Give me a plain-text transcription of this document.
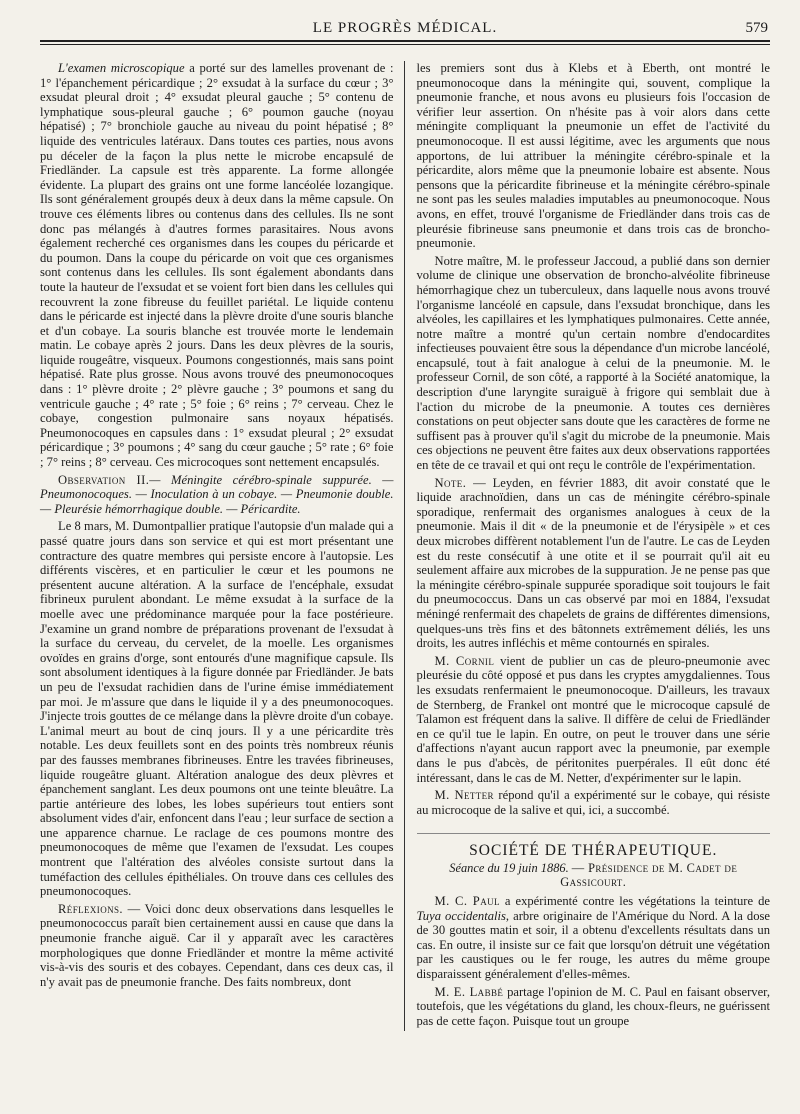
LE PROGRÈS MÉDICAL.	579

L'examen microscopique a porté sur des lamelles provenant de : 1° l'épanchement péricardique ; 2° exsudat à la surface du cœur ; 3° exsudat pleural droit ; 4° exsudat pleural gauche ; 5° contenu de lymphatique sous-pleural gauche ; 6° poumon gauche (noyau hépatisé) ; 7° bronchiole gauche au niveau du point hépatisé ; 8° liquide des ventricules latéraux. Dans toutes ces parties, nous avons pu déceler de la façon la plus nette le microbe encapsulé de Friedländer. La capsule est très apparente. La forme allongée évidente. La plupart des grains ont une forme lancéolée lozangique. Ils sont généralement groupés deux à deux dans la même capsule. On trouve ces éléments libres ou contenus dans des cellules. Ils ne sont donc pas mélangés à d'autres formes parasitaires. Nous avons également recherché ces organismes dans les coupes du péricarde et du poumon. Dans la coupe du péricarde on voit que ces organismes sont contenus dans les cellules. Ils sont également abondants dans toute la hauteur de l'exsudat et se voient fort bien dans les cellules qui recouvrent la zone fibreuse du feuillet pariétal. Le liquide contenu dans le péricarde est injecté dans la plèvre droite d'une souris blanche et d'un cobaye. La souris blanche est trouvée morte le lendemain matin. Le cobaye après 2 jours. Dans les deux plèvres de la souris, liquide rougeâtre, visqueux. Poumons congestionnés, mais sans point hépatisé. Rate plus grosse. Nous avons trouvé des pneumonocoques dans : 1° plèvre droite ; 2° plèvre gauche ; 3° poumons et sang du ventricule gauche ; 4° rate ; 5° foie ; 6° reins ; 7° cerveau. Chez le cobaye, congestion pulmonaire sans noyaux hépatisés. Pneumonocoques en capsules dans : 1° exsudat pleural ; 2° exsudat péricardique ; 3° poumons ; 4° sang du cœur gauche ; 5° rate ; 6° foie ; 7° reins ; 8° cerveau. Ces microcoques sont nettement encapsulés.

Observation II.— Méningite cérébro-spinale suppurée. — Pneumonocoques. — Inoculation à un cobaye. — Pneumonie double. — Pleurésie hémorrhagique double. — Péricardite.

Le 8 mars, M. Dumontpallier pratique l'autopsie d'un malade qui a passé quatre jours dans son service et qui est mort présentant une contracture des quatre membres qui persiste encore à l'autopsie. Les différents viscères, et en particulier le cœur et les poumons ne présentent aucune altération. A la surface de l'encéphale, exsudat fibrineux purulent abondant. Le même exsudat à la surface de la moelle avec une prédominance marquée pour la face postérieure. J'examine un grand nombre de préparations provenant de l'exsudat à la surface du cerveau, du cervelet, de la moelle. Les organismes ovoïdes en grains d'orge, sont entourés d'une magnifique capsule. Ils sont absolument identiques à la figure donnée par Friedländer. Je bats un peu de l'exsudat rachidien dans de l'urine émise immédiatement par moi. Je m'assure que dans le liquide il y a des pneumonocoques. J'injecte trois gouttes de ce mélange dans la plèvre droite d'un cobaye. L'animal meurt au bout de cinq jours. Il y a une péricardite très notable. Les deux feuillets sont en des points très nombreux réunis par des fausses membranes fibrineuses. Entre les travées fibrineuses, liquide rougeâtre gluant. Altération analogue des deux plèvres et épanchement sanglant. Les deux poumons ont une teinte bleuâtre. La partie antérieure des lobes, les lobes supérieurs tout entiers sont absolument vides d'air, enfoncent dans l'eau ; leur surface de section a une apparence charnue. Le raclage de ces poumons montre des pneumonocoques de même que l'examen de l'exsudat. Les coupes montrent que l'altération des alvéoles consiste surtout dans la tuméfaction des cellules épithéliales. On trouve dans ces cellules des pneumonocoques.

Réflexions. — Voici donc deux observations dans lesquelles le pneumonococcus paraît bien certainement aussi en cause que dans la pneumonie franche aiguë. Car il y apparaît avec les caractères morphologiques que donne Friedländer et montre la même activité vis-à-vis des souris et des cobayes. Cependant, dans ces deux cas, il n'y avait pas de pneumonie franche. Des faits nombreux, dont

les premiers sont dus à Klebs et à Eberth, ont montré le pneumonocoque dans la méningite qui, souvent, complique la pneumonie franche, et nous avons eu plusieurs fois l'occasion de vérifier leur assertion. On n'hésite pas à voir alors dans cette méningite compliquant la pneumonie un effet de l'activité du pneumonocoque. Il est aussi légitime, avec les arguments que nous apportons, de lui attribuer la méningite cérébro-spinale et la péricardite, alors même que la pneumonie lobaire est absente. Nous pensons que la péricardite fibrineuse et la méningite cérébro-spinale ne sont pas les seules maladies imputables au pneumonocoque. Nous avons, en effet, trouvé l'organisme de Friedländer dans trois cas de pleurésie fibrineuse sans pneumonie et dans trois cas de broncho-pneumonie.

Notre maître, M. le professeur Jaccoud, a publié dans son dernier volume de clinique une observation de broncho-alvéolite fibrineuse hémorrhagique chez un tuberculeux, dans laquelle nous avons trouvé l'organisme lancéolé en capsule, dans l'exsudat bronchique, dans les alvéoles, les capillaires et les lymphatiques pulmonaires. Cette année, notre maître a montré qu'un certain nombre d'endocardites infectieuses pouvaient être sous la dépendance d'un microbe lancéolé, encapsulé, tout à fait analogue à celui de la pneumonie. M. le professeur Cornil, de son côté, a rapporté à la Société anatomique, la description d'une laryngite suraiguë à frigore qui semblait due à l'action du microbe de la pneumonie. A toutes ces dernières constations on peut objecter sans doute que les caractères de forme ne suffisent pas à prouver qu'il s'agit du microbe de la pneumonie. Mais ces objections ne peuvent être faites aux deux observations rapportées en tête de ce travail et qui ont reçu le contrôle de l'expérimentation.

Note. — Leyden, en février 1883, dit avoir constaté que le liquide arachnoïdien, dans un cas de méningite cérébro-spinale sporadique, renfermait des organismes analogues à ceux de la pneumonie. Mais il dit « de la pneumonie et de l'érysipèle » et ces deux microbes diffèrent notablement l'un de l'autre. Le cas de Leyden est du reste consécutif à une otite et il se pourrait qu'il ait eu seulement affaire aux microbes de la suppuration. Je ne pense pas que la méningite cérébro-spinale suppurée sporadique soit toujours le fait du pneumococcus. Dans un cas observé par moi en 1884, l'exsudat méningé renfermait des chapelets de grains de différentes dimensions, quelques-uns très fins et des bâtonnets extrêmement déliés, les uns droits, les autres infléchis et même contournés en spirales.

M. Cornil vient de publier un cas de pleuro-pneumonie avec pleurésie du côté opposé et pus dans les cryptes amygdaliennes. Tous les exsudats renfermaient le pneumonocoque. D'ailleurs, les travaux de Sternberg, de Frankel ont montré que le microcoque capsulé de Talamon est fréquent dans la salive. Il diffère de celui de Friedländer en ce qu'il tue le lapin. En outre, on peut le trouver dans une série d'affections n'ayant aucun rapport avec la pneumonie, par exemple dans le pus d'abcès, de péritonites puerpérales. Il eût donc été intéressant, dans le cas de M. Netter, d'expérimenter sur le lapin.

M. Netter répond qu'il a expérimenté sur le cobaye, qui résiste au microcoque de la salive et qui, ici, a succombé.

SOCIÉTÉ DE THÉRAPEUTIQUE.
Séance du 19 juin 1886. — Présidence de M. Cadet de Gassicourt.

M. C. Paul a expérimenté contre les végétations la teinture de Tuya occidentalis, arbre originaire de l'Amérique du Nord. A la dose de 30 gouttes matin et soir, il a obtenu d'excellents résultats dans un cas. En outre, il insiste sur ce fait que lorsqu'on détruit une végétation par les caustiques ou le fer rouge, les autres du même groupe disparaissent généralement d'elles-mêmes.

M. E. Labbé partage l'opinion de M. C. Paul en faisant observer, toutefois, que les végétations du gland, les choux-fleurs, ne guérissent pas de cette façon. Puisque tout un groupe
